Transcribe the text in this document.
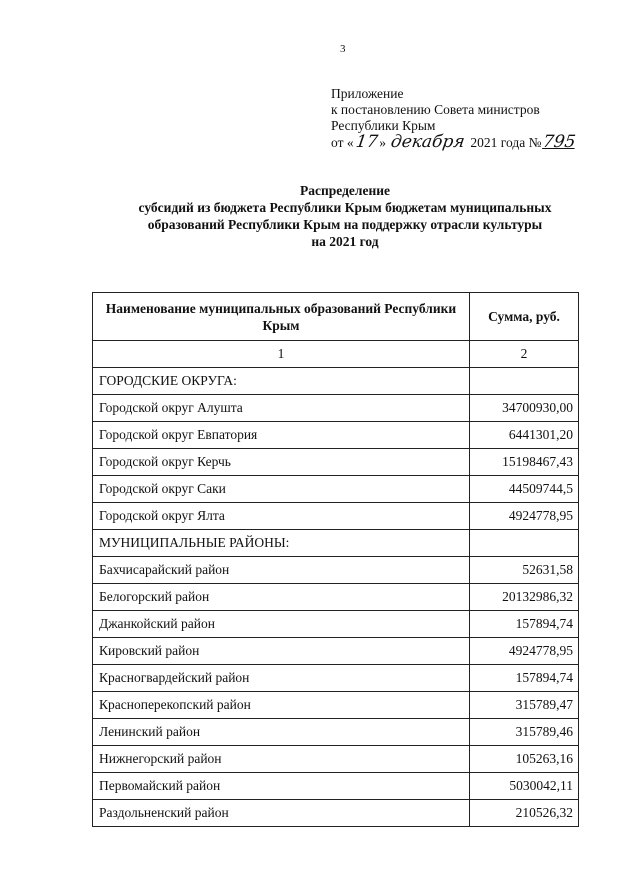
3
Приложение
к постановлению Совета министров
Республики Крым
от «17» декабря 2021 года №795
Распределение
субсидий из бюджета Республики Крым бюджетам муниципальных
образований Республики Крым на поддержку отрасли культуры
на 2021 год
Наименование муниципальных образований Республики Крым	Сумма, руб.
1	2
ГОРОДСКИЕ ОКРУГА:	
Городской округ Алушта	34700930,00
Городской округ Евпатория	6441301,20
Городской округ Керчь	15198467,43
Городской округ Саки	44509744,5
Городской округ Ялта	4924778,95
МУНИЦИПАЛЬНЫЕ РАЙОНЫ:	
Бахчисарайский район	52631,58
Белогорский район	20132986,32
Джанкойский район	157894,74
Кировский район	4924778,95
Красногвардейский район	157894,74
Красноперекопский район	315789,47
Ленинский район	315789,46
Нижнегорский район	105263,16
Первомайский район	5030042,11
Раздольненский район	210526,32
